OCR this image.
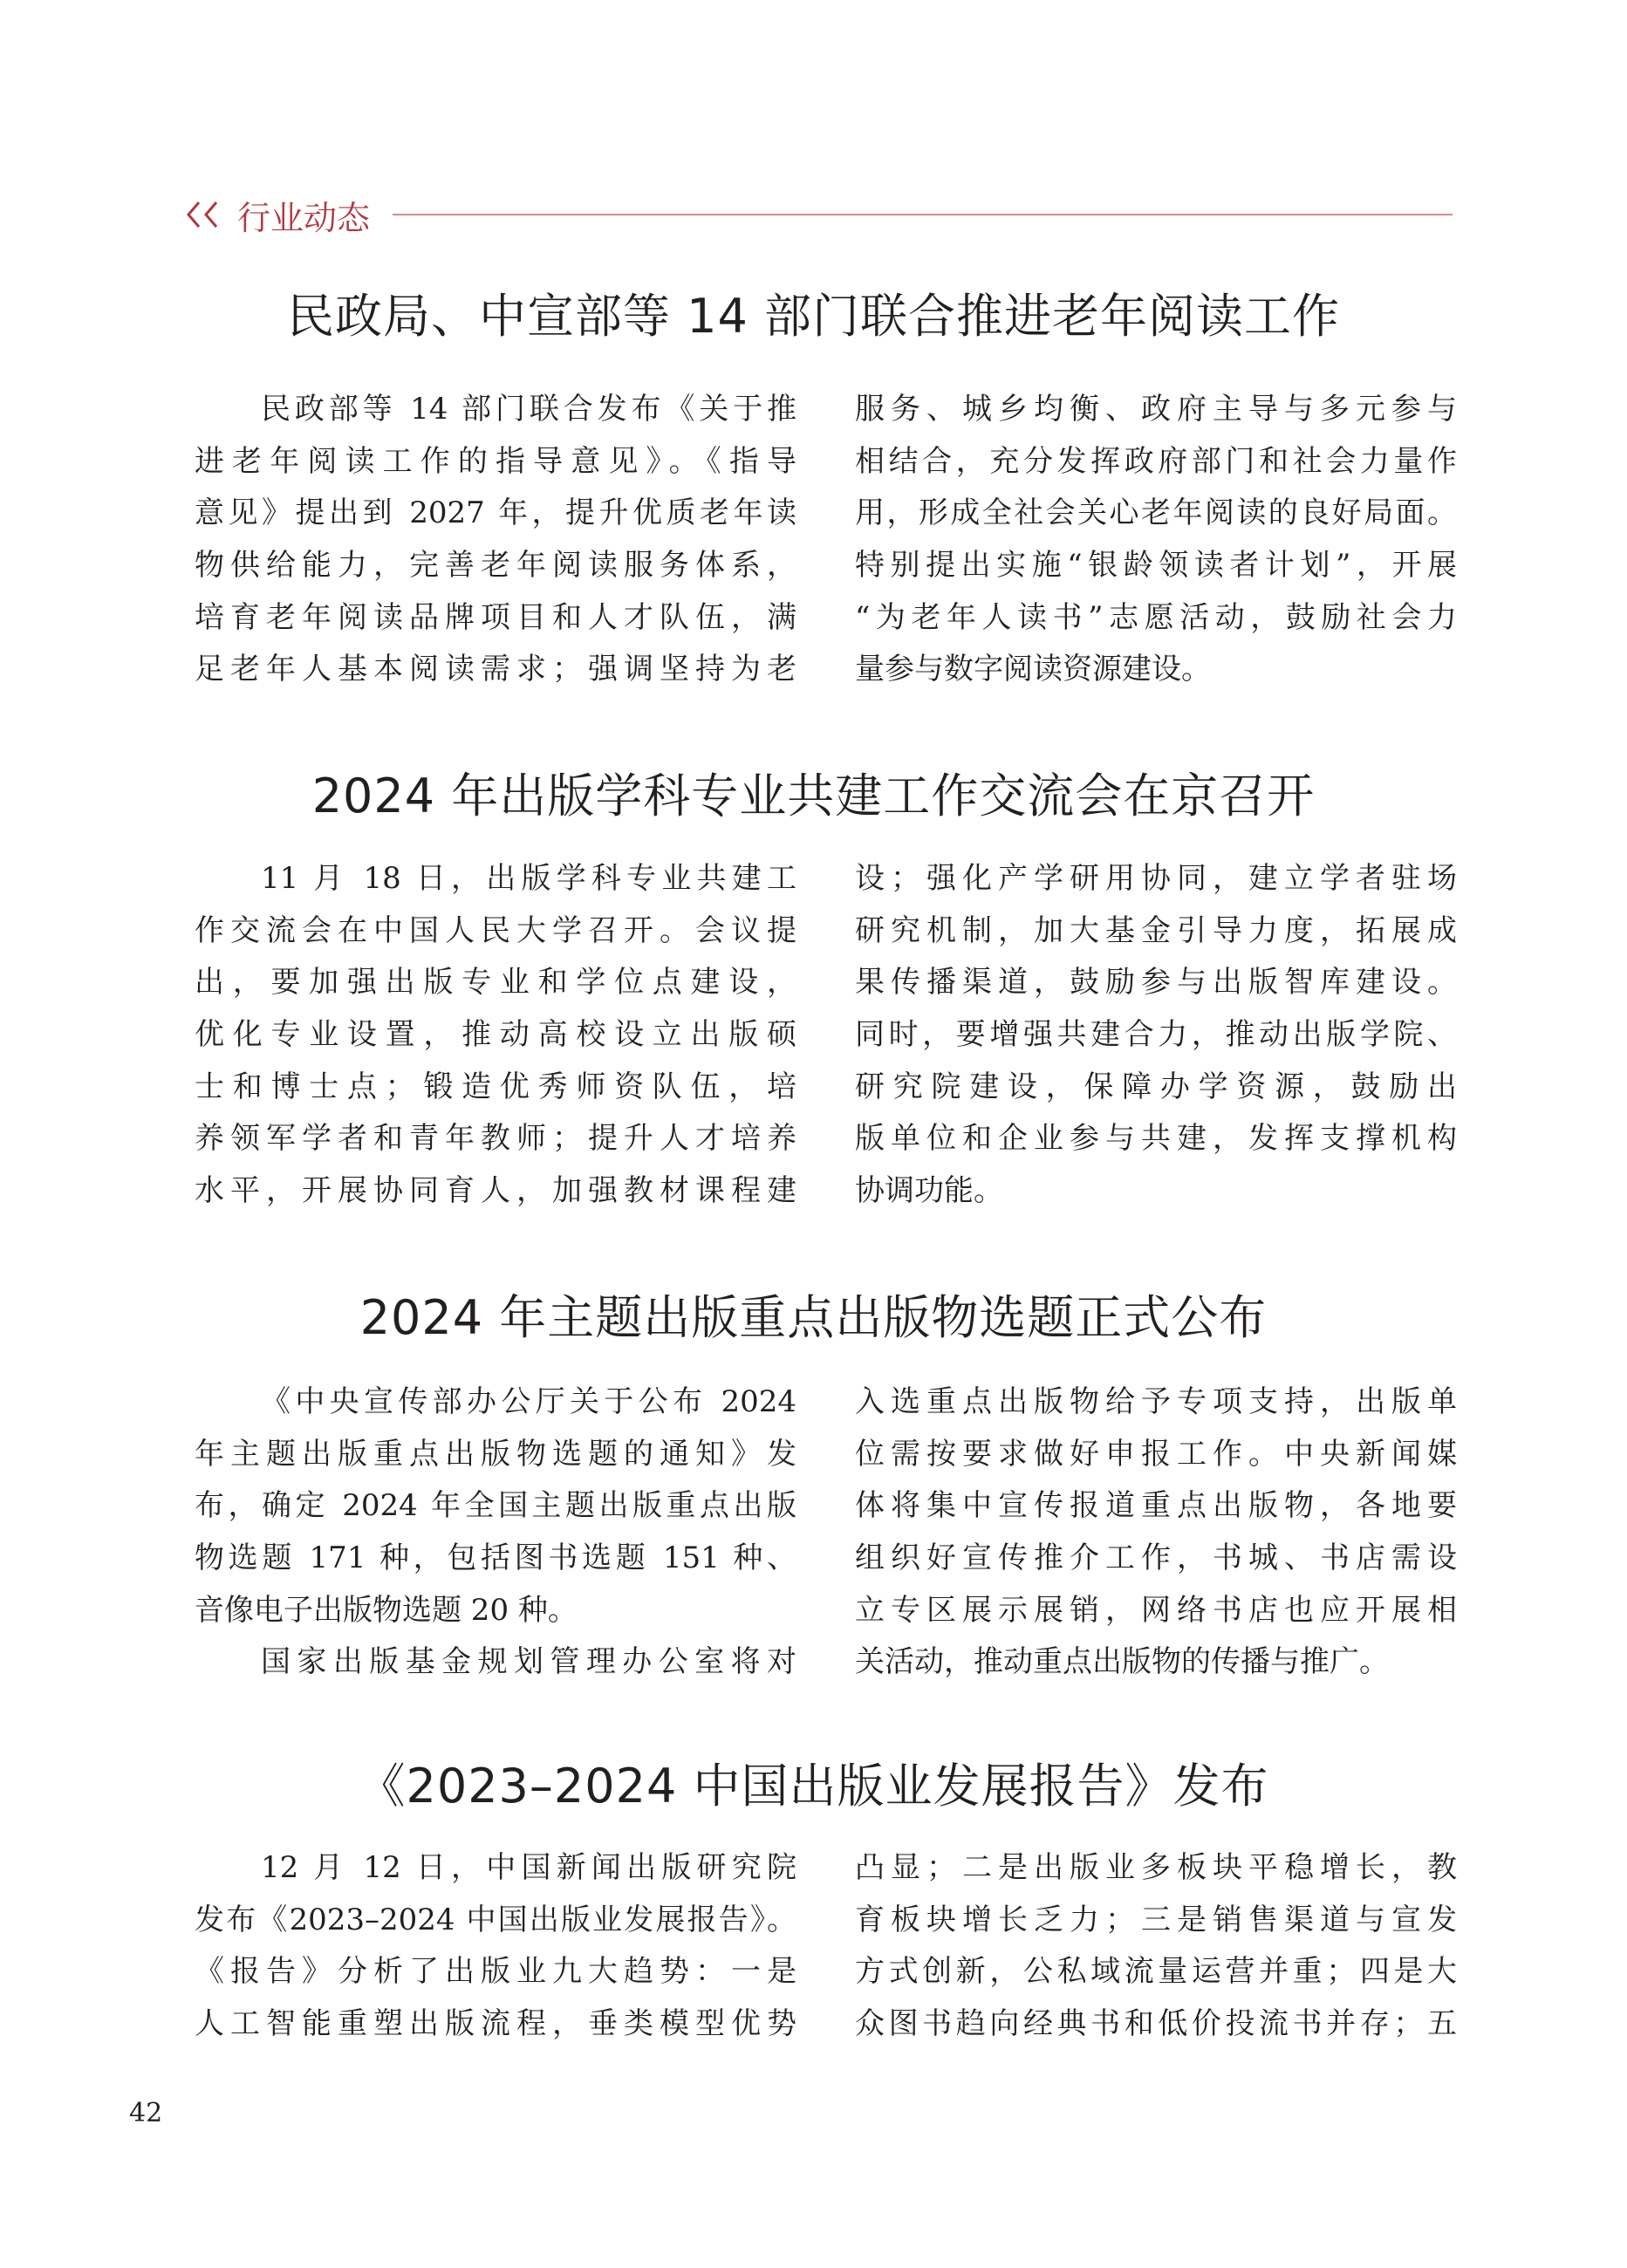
行业动态
民政局、中宣部等 14 部门联合推进老年阅读工作
民政部等 14 部门联合发布《关于推
进老年阅读工作的指导意见》。《指导
意见》提出到 2027 年，提升优质老年读
物供给能力，完善老年阅读服务体系，
培育老年阅读品牌项目和人才队伍，满
足老年人基本阅读需求；强调坚持为老
服务、城乡均衡、政府主导与多元参与
相结合，充分发挥政府部门和社会力量作
用，形成全社会关心老年阅读的良好局面。
特别提出实施“银龄领读者计划”，开展
“为老年人读书”志愿活动，鼓励社会力
量参与数字阅读资源建设。
2024 年出版学科专业共建工作交流会在京召开
11 月 18 日，出版学科专业共建工
作交流会在中国人民大学召开。会议提
出，要加强出版专业和学位点建设，
优化专业设置，推动高校设立出版硕
士和博士点；锻造优秀师资队伍，培
养领军学者和青年教师；提升人才培养
水平，开展协同育人，加强教材课程建
设；强化产学研用协同，建立学者驻场
研究机制，加大基金引导力度，拓展成
果传播渠道，鼓励参与出版智库建设。
同时，要增强共建合力，推动出版学院、
研究院建设，保障办学资源，鼓励出
版单位和企业参与共建，发挥支撑机构
协调功能。
2024 年主题出版重点出版物选题正式公布
《中央宣传部办公厅关于公布 2024
年主题出版重点出版物选题的通知》发
布，确定 2024 年全国主题出版重点出版
物选题 171 种，包括图书选题 151 种、
音像电子出版物选题 20 种。
国家出版基金规划管理办公室将对
入选重点出版物给予专项支持，出版单
位需按要求做好申报工作。中央新闻媒
体将集中宣传报道重点出版物，各地要
组织好宣传推介工作，书城、书店需设
立专区展示展销，网络书店也应开展相
关活动，推动重点出版物的传播与推广。
《2023–2024 中国出版业发展报告》发布
12 月 12 日，中国新闻出版研究院
发布《2023–2024 中国出版业发展报告》。
《报告》分析了出版业九大趋势：一是
人工智能重塑出版流程，垂类模型优势
凸显；二是出版业多板块平稳增长，教
育板块增长乏力；三是销售渠道与宣发
方式创新，公私域流量运营并重；四是大
众图书趋向经典书和低价投流书并存；五
42
